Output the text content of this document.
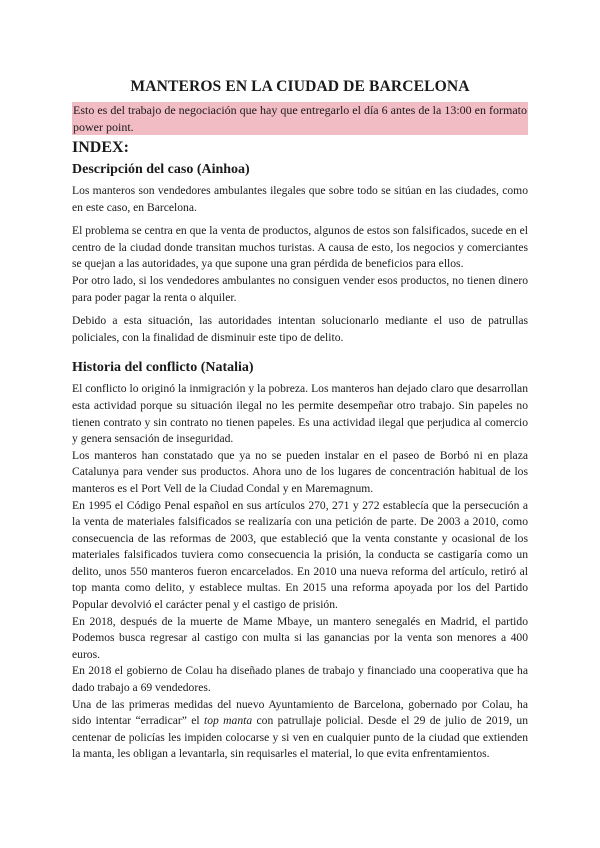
MANTEROS EN LA CIUDAD DE BARCELONA
Esto es del trabajo de negociación que hay que entregarlo el día 6 antes de la 13:00 en formato power point.
INDEX:
Descripción del caso (Ainhoa)

Los manteros son vendedores ambulantes ilegales que sobre todo se sitúan en las ciudades, como en este caso, en Barcelona.

El problema se centra en que la venta de productos, algunos de estos son falsificados, sucede en el centro de la ciudad donde transitan muchos turistas. A causa de esto, los negocios y comerciantes se quejan a las autoridades, ya que supone una gran pérdida de beneficios para ellos.

Por otro lado, si los vendedores ambulantes no consiguen vender esos productos, no tienen dinero para poder pagar la renta o alquiler.

Debido a esta situación, las autoridades intentan solucionarlo mediante el uso de patrullas policiales, con la finalidad de disminuir este tipo de delito.

Historia del conflicto (Natalia)

El conflicto lo originó la inmigración y la pobreza. Los manteros han dejado claro que desarrollan esta actividad porque su situación ilegal no les permite desempeñar otro trabajo. Sin papeles no tienen contrato y sin contrato no tienen papeles. Es una actividad ilegal que perjudica al comercio y genera sensación de inseguridad.

Los manteros han constatado que ya no se pueden instalar en el paseo de Borbó ni en plaza Catalunya para vender sus productos. Ahora uno de los lugares de concentración habitual de los manteros es el Port Vell de la Ciudad Condal y en Maremagnum.

En 1995 el Código Penal español en sus artículos 270, 271 y 272 establecía que la persecución a la venta de materiales falsificados se realizaría con una petición de parte. De 2003 a 2010, como consecuencia de las reformas de 2003, que estableció que la venta constante y ocasional de los materiales falsificados tuviera como consecuencia la prisión, la conducta se castigaría como un delito, unos 550 manteros fueron encarcelados. En 2010 una nueva reforma del artículo, retiró al top manta como delito, y establece multas. En 2015 una reforma apoyada por los del Partido Popular devolvió el carácter penal y el castigo de prisión.

En 2018, después de la muerte de Mame Mbaye, un mantero senegalés en Madrid, el partido Podemos busca regresar al castigo con multa si las ganancias por la venta son menores a 400 euros.

En 2018 el gobierno de Colau ha diseñado planes de trabajo y financiado una cooperativa que ha dado trabajo a 69 vendedores.

Una de las primeras medidas del nuevo Ayuntamiento de Barcelona, gobernado por Colau, ha sido intentar “erradicar” el top manta con patrullaje policial. Desde el 29 de julio de 2019, un centenar de policías les impiden colocarse y si ven en cualquier punto de la ciudad que extienden la manta, les obligan a levantarla, sin requisarles el material, lo que evita enfrentamientos.
